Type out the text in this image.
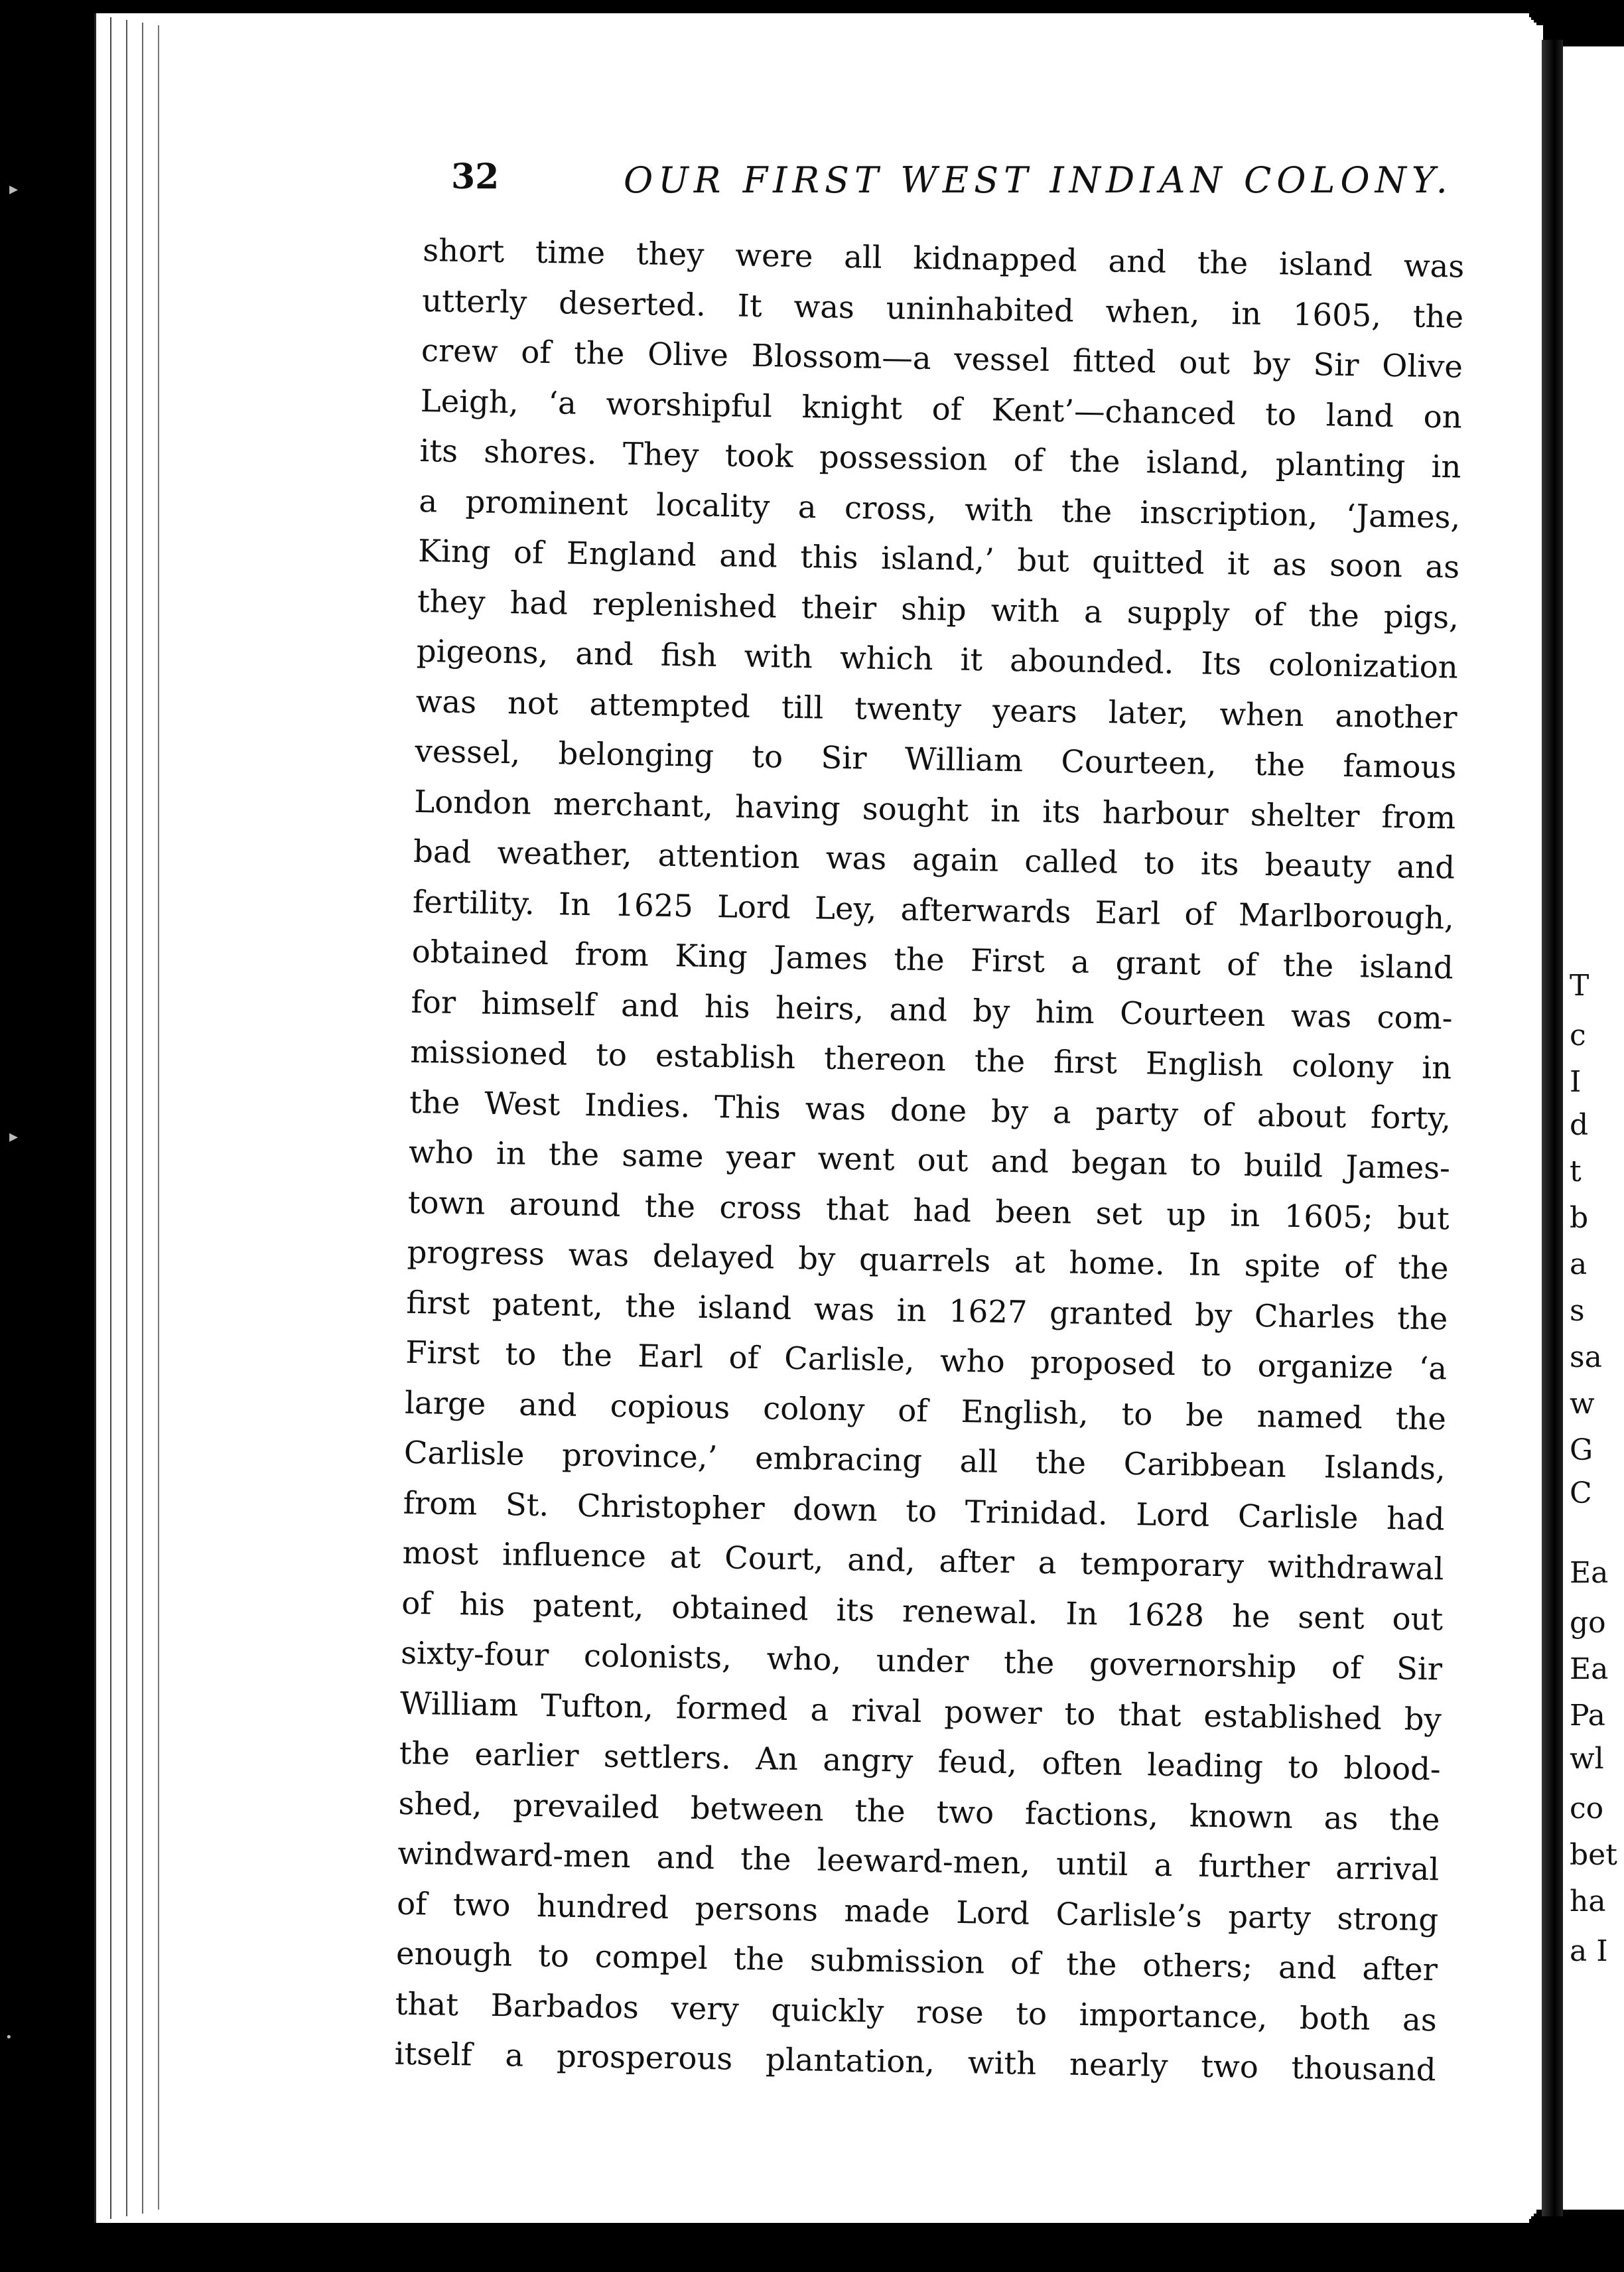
32	OUR FIRST WEST INDIAN COLONY.
short time they were all kidnapped and the island was
utterly deserted. It was uninhabited when, in 1605, the
crew of the Olive Blossom—a vessel fitted out by Sir Olive
Leigh, ‘a worshipful knight of Kent’—chanced to land on
its shores. They took possession of the island, planting in
a prominent locality a cross, with the inscription, ‘James,
King of England and this island,’ but quitted it as soon as
they had replenished their ship with a supply of the pigs,
pigeons, and fish with which it abounded. Its colonization
was not attempted till twenty years later, when another
vessel, belonging to Sir William Courteen, the famous
London merchant, having sought in its harbour shelter from
bad weather, attention was again called to its beauty and
fertility. In 1625 Lord Ley, afterwards Earl of Marlborough,
obtained from King James the First a grant of the island
for himself and his heirs, and by him Courteen was com-
missioned to establish thereon the first English colony in
the West Indies. This was done by a party of about forty,
who in the same year went out and began to build James-
town around the cross that had been set up in 1605; but
progress was delayed by quarrels at home. In spite of the
first patent, the island was in 1627 granted by Charles the
First to the Earl of Carlisle, who proposed to organize ‘a
large and copious colony of English, to be named the
Carlisle province,’ embracing all the Caribbean Islands,
from St. Christopher down to Trinidad. Lord Carlisle had
most influence at Court, and, after a temporary withdrawal
of his patent, obtained its renewal. In 1628 he sent out
sixty-four colonists, who, under the governorship of Sir
William Tufton, formed a rival power to that established by
the earlier settlers. An angry feud, often leading to blood-
shed, prevailed between the two factions, known as the
windward-men and the leeward-men, until a further arrival
of two hundred persons made Lord Carlisle’s party strong
enough to compel the submission of the others; and after
that Barbados very quickly rose to importance, both as
itself a prosperous plantation, with nearly two thousand
T
c
I
d
t
b
a
s
sa
w
G
C
Ea
go
Ea
Pa
wl
co
bet
ha
a I
▸
▸
•
